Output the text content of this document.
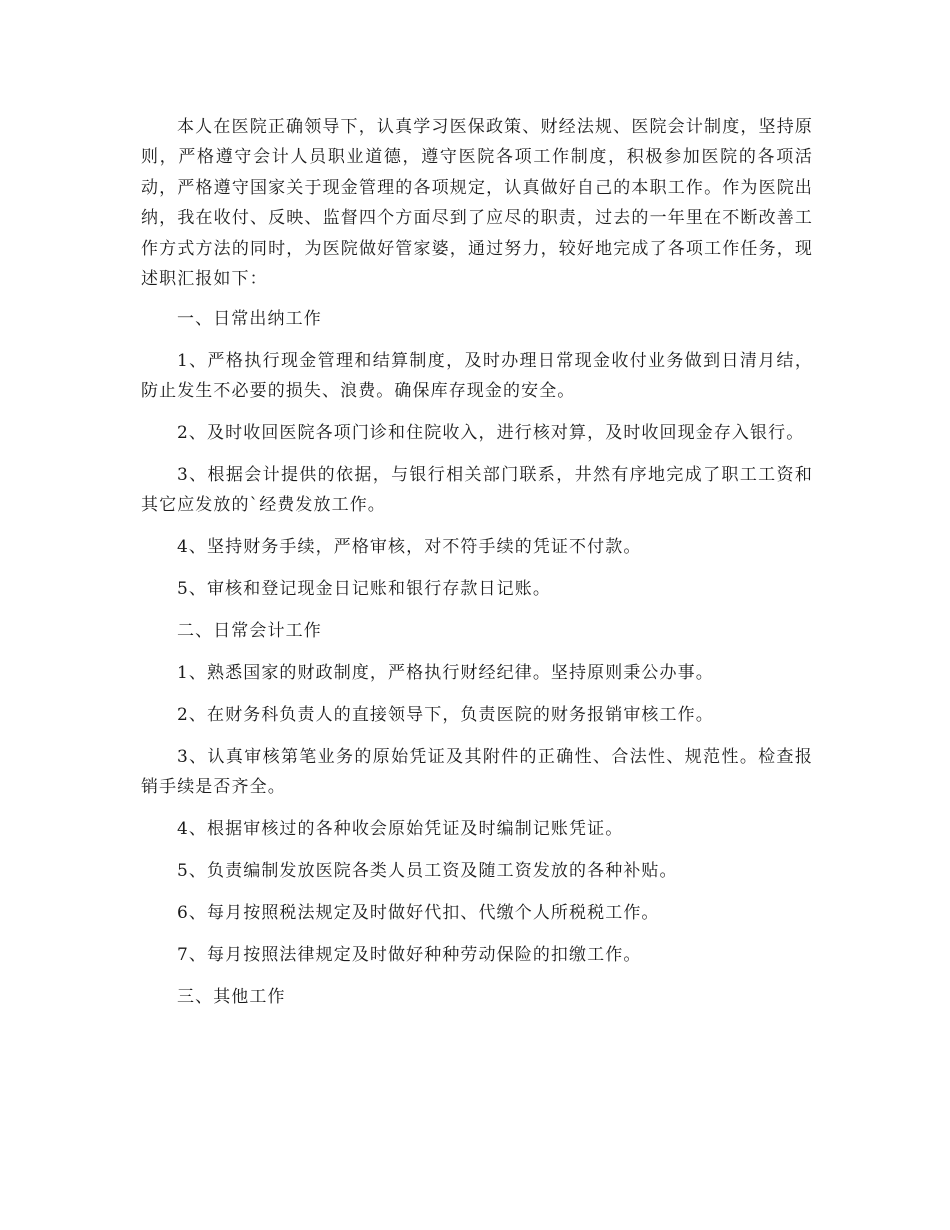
本人在医院正确领导下，认真学习医保政策、财经法规、医院会计制度，坚持原则，严格遵守会计人员职业道德，遵守医院各项工作制度，积极参加医院的各项活动，严格遵守国家关于现金管理的各项规定，认真做好自己的本职工作。作为医院出纳，我在收付、反映、监督四个方面尽到了应尽的职责，过去的一年里在不断改善工作方式方法的同时，为医院做好管家婆，通过努力，较好地完成了各项工作任务，现述职汇报如下：

一、日常出纳工作

1、严格执行现金管理和结算制度，及时办理日常现金收付业务做到日清月结，防止发生不必要的损失、浪费。确保库存现金的安全。

2、及时收回医院各项门诊和住院收入，进行核对算，及时收回现金存入银行。

3、根据会计提供的依据，与银行相关部门联系，井然有序地完成了职工工资和其它应发放的`经费发放工作。

4、坚持财务手续，严格审核，对不符手续的凭证不付款。

5、审核和登记现金日记账和银行存款日记账。

二、日常会计工作

1、熟悉国家的财政制度，严格执行财经纪律。坚持原则秉公办事。

2、在财务科负责人的直接领导下，负责医院的财务报销审核工作。

3、认真审核第笔业务的原始凭证及其附件的正确性、合法性、规范性。检查报销手续是否齐全。

4、根据审核过的各种收会原始凭证及时编制记账凭证。

5、负责编制发放医院各类人员工资及随工资发放的各种补贴。

6、每月按照税法规定及时做好代扣、代缴个人所税税工作。

7、每月按照法律规定及时做好种种劳动保险的扣缴工作。

三、其他工作
